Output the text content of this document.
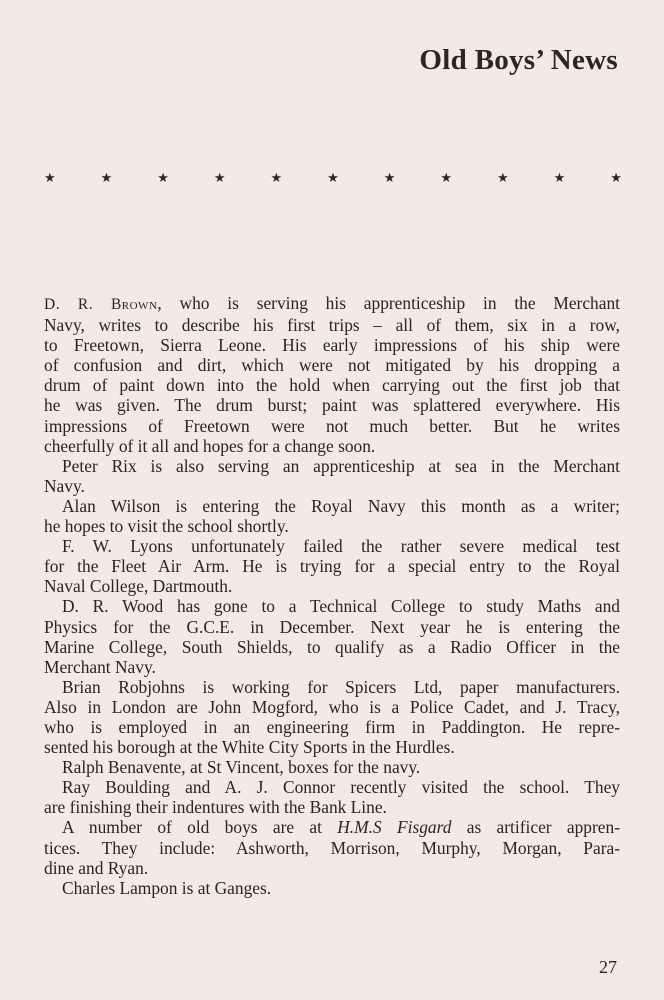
Old Boys’ News
★	★	★	★	★	★	★	★	★	★	★
D. R. Brown, who is serving his apprenticeship in the Merchant
Navy, writes to describe his first trips – all of them, six in a row,
to Freetown, Sierra Leone. His early impressions of his ship were
of confusion and dirt, which were not mitigated by his dropping a
drum of paint down into the hold when carrying out the first job that
he was given. The drum burst; paint was splattered everywhere. His
impressions of Freetown were not much better. But he writes
cheerfully of it all and hopes for a change soon.
Peter Rix is also serving an apprenticeship at sea in the Merchant
Navy.
Alan Wilson is entering the Royal Navy this month as a writer;
he hopes to visit the school shortly.
F. W. Lyons unfortunately failed the rather severe medical test
for the Fleet Air Arm. He is trying for a special entry to the Royal
Naval College, Dartmouth.
D. R. Wood has gone to a Technical College to study Maths and
Physics for the G.C.E. in December. Next year he is entering the
Marine College, South Shields, to qualify as a Radio Officer in the
Merchant Navy.
Brian Robjohns is working for Spicers Ltd, paper manufacturers.
Also in London are John Mogford, who is a Police Cadet, and J. Tracy,
who is employed in an engineering firm in Paddington. He repre-
sented his borough at the White City Sports in the Hurdles.
Ralph Benavente, at St Vincent, boxes for the navy.
Ray Boulding and A. J. Connor recently visited the school. They
are finishing their indentures with the Bank Line.
A number of old boys are at H.M.S Fisgard as artificer appren-
tices. They include: Ashworth, Morrison, Murphy, Morgan, Para-
dine and Ryan.
Charles Lampon is at Ganges.
27
